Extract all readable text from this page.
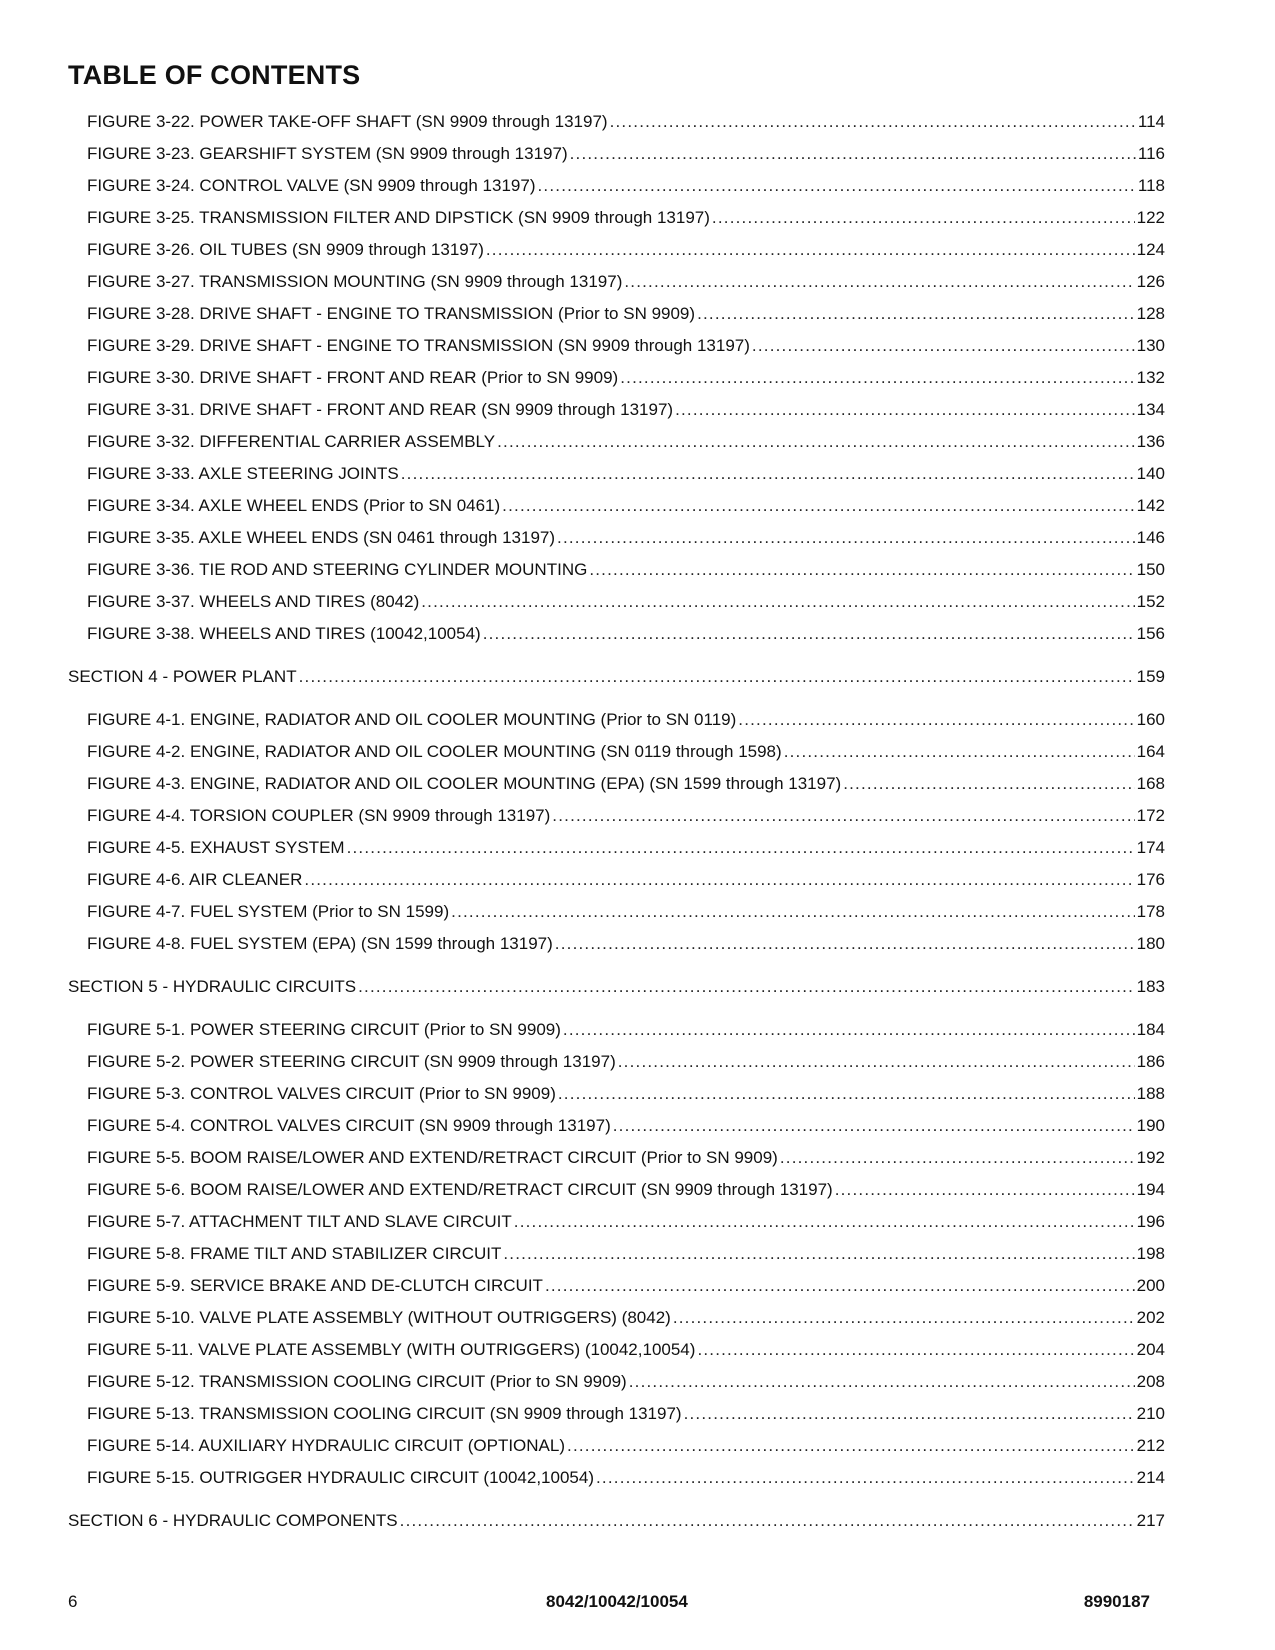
TABLE OF CONTENTS
FIGURE 3-22. POWER TAKE-OFF SHAFT (SN 9909 through 13197) .....	114
FIGURE 3-23. GEARSHIFT SYSTEM (SN 9909 through 13197) .....	116
FIGURE 3-24. CONTROL VALVE (SN 9909 through 13197) .....	118
FIGURE 3-25. TRANSMISSION FILTER AND DIPSTICK (SN 9909 through 13197) .....	122
FIGURE 3-26. OIL TUBES (SN 9909 through 13197) .....	124
FIGURE 3-27. TRANSMISSION MOUNTING (SN 9909 through 13197) .....	126
FIGURE 3-28. DRIVE SHAFT - ENGINE TO TRANSMISSION (Prior to SN 9909) .....	128
FIGURE 3-29. DRIVE SHAFT - ENGINE TO TRANSMISSION (SN 9909 through 13197) .....	130
FIGURE 3-30. DRIVE SHAFT - FRONT AND REAR (Prior to SN 9909) .....	132
FIGURE 3-31. DRIVE SHAFT - FRONT AND REAR (SN 9909 through 13197) .....	134
FIGURE 3-32. DIFFERENTIAL CARRIER ASSEMBLY .....	136
FIGURE 3-33. AXLE STEERING JOINTS .....	140
FIGURE 3-34. AXLE WHEEL ENDS (Prior to SN 0461) .....	142
FIGURE 3-35. AXLE WHEEL ENDS (SN 0461 through 13197) .....	146
FIGURE 3-36. TIE ROD AND STEERING CYLINDER MOUNTING .....	150
FIGURE 3-37. WHEELS AND TIRES (8042) .....	152
FIGURE 3-38. WHEELS AND TIRES (10042,10054) .....	156
SECTION 4 - POWER PLANT .....	159
FIGURE 4-1. ENGINE, RADIATOR AND OIL COOLER MOUNTING (Prior to SN 0119) .....	160
FIGURE 4-2. ENGINE, RADIATOR AND OIL COOLER MOUNTING (SN 0119 through 1598) .....	164
FIGURE 4-3. ENGINE, RADIATOR AND OIL COOLER MOUNTING (EPA) (SN 1599 through 13197) .....	168
FIGURE 4-4. TORSION COUPLER (SN 9909 through 13197) .....	172
FIGURE 4-5. EXHAUST SYSTEM .....	174
FIGURE 4-6. AIR CLEANER .....	176
FIGURE 4-7. FUEL SYSTEM (Prior to SN 1599) .....	178
FIGURE 4-8. FUEL SYSTEM (EPA) (SN 1599 through 13197) .....	180
SECTION 5 - HYDRAULIC CIRCUITS .....	183
FIGURE 5-1. POWER STEERING CIRCUIT (Prior to SN 9909) .....	184
FIGURE 5-2. POWER STEERING CIRCUIT (SN 9909 through 13197) .....	186
FIGURE 5-3. CONTROL VALVES CIRCUIT (Prior to SN 9909) .....	188
FIGURE 5-4. CONTROL VALVES CIRCUIT (SN 9909 through 13197) .....	190
FIGURE 5-5. BOOM RAISE/LOWER AND EXTEND/RETRACT CIRCUIT (Prior to SN 9909) .....	192
FIGURE 5-6. BOOM RAISE/LOWER AND EXTEND/RETRACT CIRCUIT (SN 9909 through 13197) .....	194
FIGURE 5-7. ATTACHMENT TILT AND SLAVE CIRCUIT .....	196
FIGURE 5-8. FRAME TILT AND STABILIZER CIRCUIT .....	198
FIGURE 5-9. SERVICE BRAKE AND DE-CLUTCH CIRCUIT .....	200
FIGURE 5-10. VALVE PLATE ASSEMBLY (WITHOUT OUTRIGGERS) (8042) .....	202
FIGURE 5-11. VALVE PLATE ASSEMBLY (WITH OUTRIGGERS) (10042,10054) .....	204
FIGURE 5-12. TRANSMISSION COOLING CIRCUIT (Prior to SN 9909) .....	208
FIGURE 5-13. TRANSMISSION COOLING CIRCUIT (SN 9909 through 13197) .....	210
FIGURE 5-14. AUXILIARY HYDRAULIC CIRCUIT (OPTIONAL) .....	212
FIGURE 5-15. OUTRIGGER HYDRAULIC CIRCUIT (10042,10054) .....	214
SECTION 6 - HYDRAULIC COMPONENTS .....	217
6	8042/10042/10054	8990187
